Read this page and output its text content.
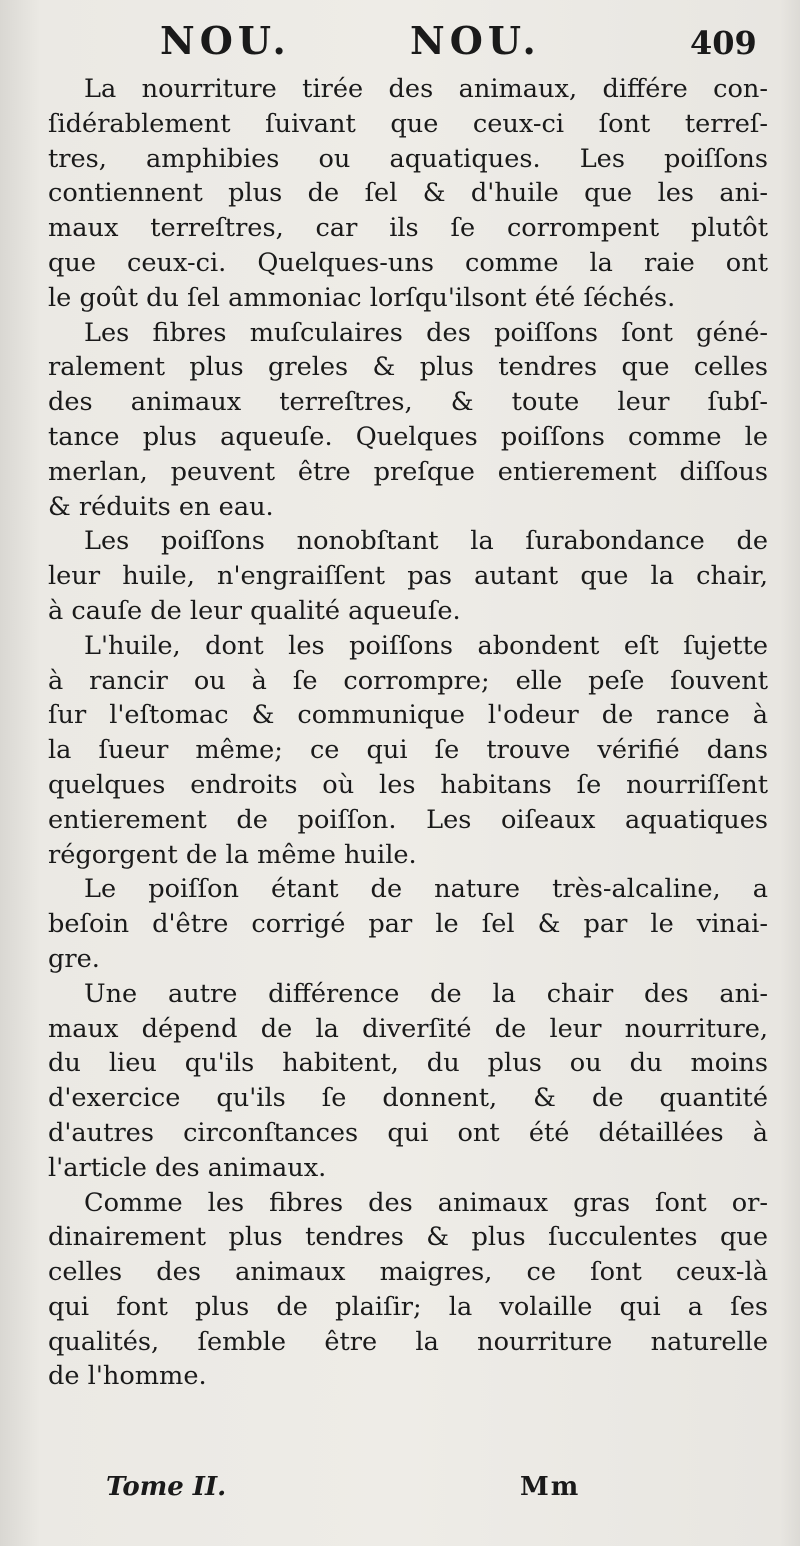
NOU.	NOU.	409
La nourriture tirée des animaux, différe con-
ſidérablement ſuivant que ceux-ci ſont terreſ-
tres, amphibies ou aquatiques. Les poiſſons
contiennent plus de ſel & d'huile que les ani-
maux terreſtres, car ils ſe corrompent plutôt
que ceux-ci. Quelques-uns comme la raie ont
le goût du ſel ammoniac lorſqu'ilsont été ſéchés.
Les fibres muſculaires des poiſſons ſont géné-
ralement plus greles & plus tendres que celles
des animaux terreſtres, & toute leur ſubſ-
tance plus aqueuſe. Quelques poiſſons comme le
merlan, peuvent être preſque entierement diſſous
& réduits en eau.
Les poiſſons nonobſtant la ſurabondance de
leur huile, n'engraiſſent pas autant que la chair,
à cauſe de leur qualité aqueuſe.
L'huile, dont les poiſſons abondent eſt ſujette
à rancir ou à ſe corrompre; elle peſe ſouvent
ſur l'eſtomac & communique l'odeur de rance à
la ſueur même; ce qui ſe trouve vérifié dans
quelques endroits où les habitans ſe nourriſſent
entierement de poiſſon. Les oiſeaux aquatiques
régorgent de la même huile.
Le poiſſon étant de nature très-alcaline, a
beſoin d'être corrigé par le ſel & par le vinai-
gre.
Une autre différence de la chair des ani-
maux dépend de la diverſité de leur nourriture,
du lieu qu'ils habitent, du plus ou du moins
d'exercice qu'ils ſe donnent, & de quantité
d'autres circonſtances qui ont été détaillées à
l'article des animaux.
Comme les fibres des animaux gras ſont or-
dinairement plus tendres & plus ſucculentes que
celles des animaux maigres, ce ſont ceux-là
qui font plus de plaiſir; la volaille qui a ſes
qualités, ſemble être la nourriture naturelle
de l'homme.
Tome II.	Mm
